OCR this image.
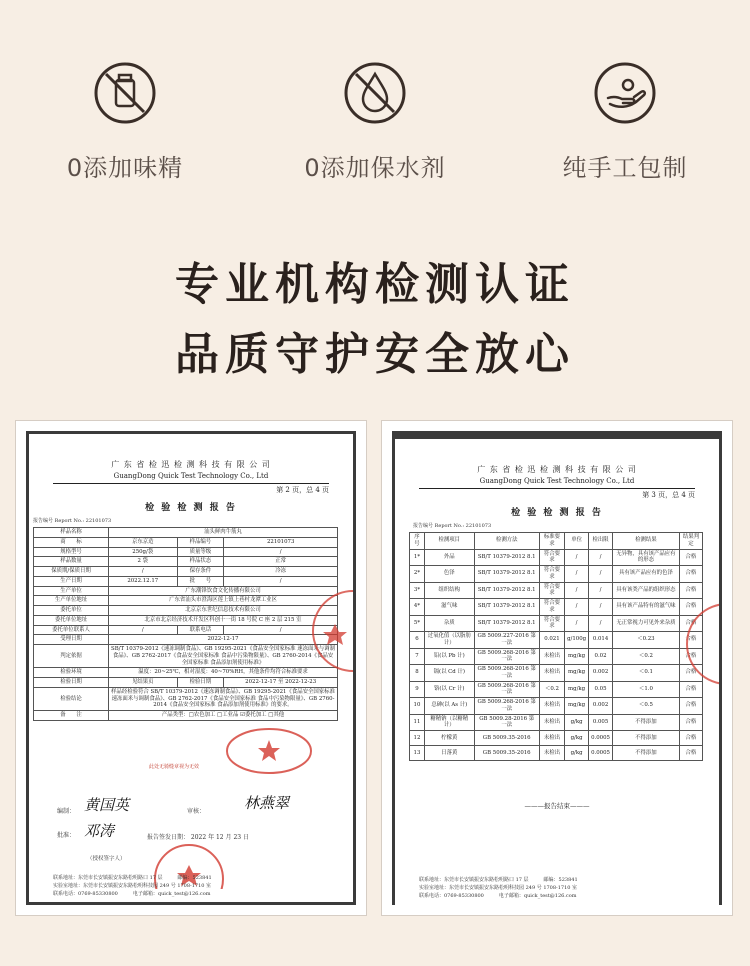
0添加味精	0添加保水剂	纯手工包制
专业机构检测认证
品质守护安全放心
广 东 省 检 迅 检 测 科 技 有 限 公 司
GuangDong Quick Test Technology Co., Ltd
第 2 页，总 4 页
检 验 检 测 报 告
报告编号 Report No.: 22101073
样品名称	汕头鲜肉牛筋丸		
商　　标	京东京造	样品编号	22101073
规格型号	250g/袋	质量等级	/
样品数量	2 袋	样品状态	正常
保质期/保质日期	/	保存条件	冷冻
生产日期	2022.12.17	批　　号	/
生产单位	广东潮锋饮食文化传播有限公司		
生产单位地址	广东省汕头市澄海区莲上镇上巷村龙潭工业区		
委托单位	北京京东世纪信息技术有限公司		
委托单位地址	北京市北京经济技术开发区科创十一街 18 号院 C 座 2 层 215 室		
委托单位联系人	/	联系电话	/
受理日期	2022-12-17		
判定依据	SB/T 10379-2012《速冻调制食品》、GB 19295-2021《食品安全国家标准 速冻面米与调制食品》、GB 2762-2017《食品安全国家标准 食品中污染物限量》、GB 2760-2014《食品安全国家标准 食品添加剂使用标准》		
检验环境	温度：20~25℃，相对湿度：40~70%RH，其他条件均符合标准要求		
检验日期	见结果页	检验日期	2022-12-17 至 2022-12-23
检验结论	样品经检验符合 SB/T 10379-2012《速冻调制食品》、GB 19295-2021《食品安全国家标准 速冻面米与调制食品》、GB 2762-2017《食品安全国家标准 食品中污染物限量》、GB 2760-2014《食品安全国家标准 食品添加剂使用标准》的要求。		
备　　注	产品类型：□农色加工 □工业品 ☑委托加工 □其他		
此处无骑缝章视为无效
编制： 黄国英	审核：	林燕翠
批准： 邓涛	报告签发日期： 2022 年 12 月 23 日
（授权签字人）
联系地址：东莞市长安镇振安东路松明路口 17 层　　　邮编：523841
实验室地址：东莞市长安镇振安东路松明科技园 249 号 1708-1710 室
联系电话：0769-85330800　　　电子邮箱：quick_test@126.com
广 东 省 检 迅 检 测 科 技 有 限 公 司
GuangDong Quick Test Technology Co., Ltd
第 3 页，总 4 页
检 验 检 测 报 告
报告编号 Report No.: 22101073
序号	检测项目	检测方法	标准要求	单位	检出限	检测结果	结果判定
1*	外品	SB/T 10379-2012 8.1	符合要求	/	/	无异物，具有该产品应有的形态	合格
2*	色泽	SB/T 10379-2012 8.1	符合要求	/	/	具有该产品应有的色泽	合格
3*	组织结构	SB/T 10379-2012 8.1	符合要求	/	/	具有该类产品的组织形态	合格
4*	滋气味	SB/T 10379-2012 8.1	符合要求	/	/	具有该产品特有的滋气味	合格
5*	杂质	SB/T 10379-2012 8.1	符合要求	/	/	无正常视力可见外来杂质	合格
6	过氧化值（以脂肪计）	GB 5009.227-2016 第一法	0.021	g/100g	0.014	＜0.23	合格
7	铅(以 Pb 计)	GB 5009.268-2016 第一法	未检出	mg/kg	0.02	＜0.2	合格
8	镉(以 Cd 计)	GB 5009.268-2016 第一法	未检出	mg/kg	0.002	＜0.1	合格
9	铬(以 Cr 计)	GB 5009.268-2016 第一法	＜0.2	mg/kg	0.05	＜1.0	合格
10	总砷(以 As 计)	GB 5009.268-2016 第一法	未检出	mg/kg	0.002	＜0.5	合格
11	糖精钠（以糖精计）	GB 5009.28-2016 第一法	未检出	g/kg	0.005	不得添加	合格
12	柠檬黄	GB 5009.35-2016	未检出	g/kg	0.0005	不得添加	合格
13	日落黄	GB 5009.35-2016	未检出	g/kg	0.0005	不得添加	合格
———报告结束———
联系地址：东莞市长安镇振安东路松明路口 17 层　　　邮编：523841
实验室地址：东莞市长安镇振安东路松明科技园 249 号 1708-1710 室
联系电话：0769-85330800　　　电子邮箱：quick_test@126.com
